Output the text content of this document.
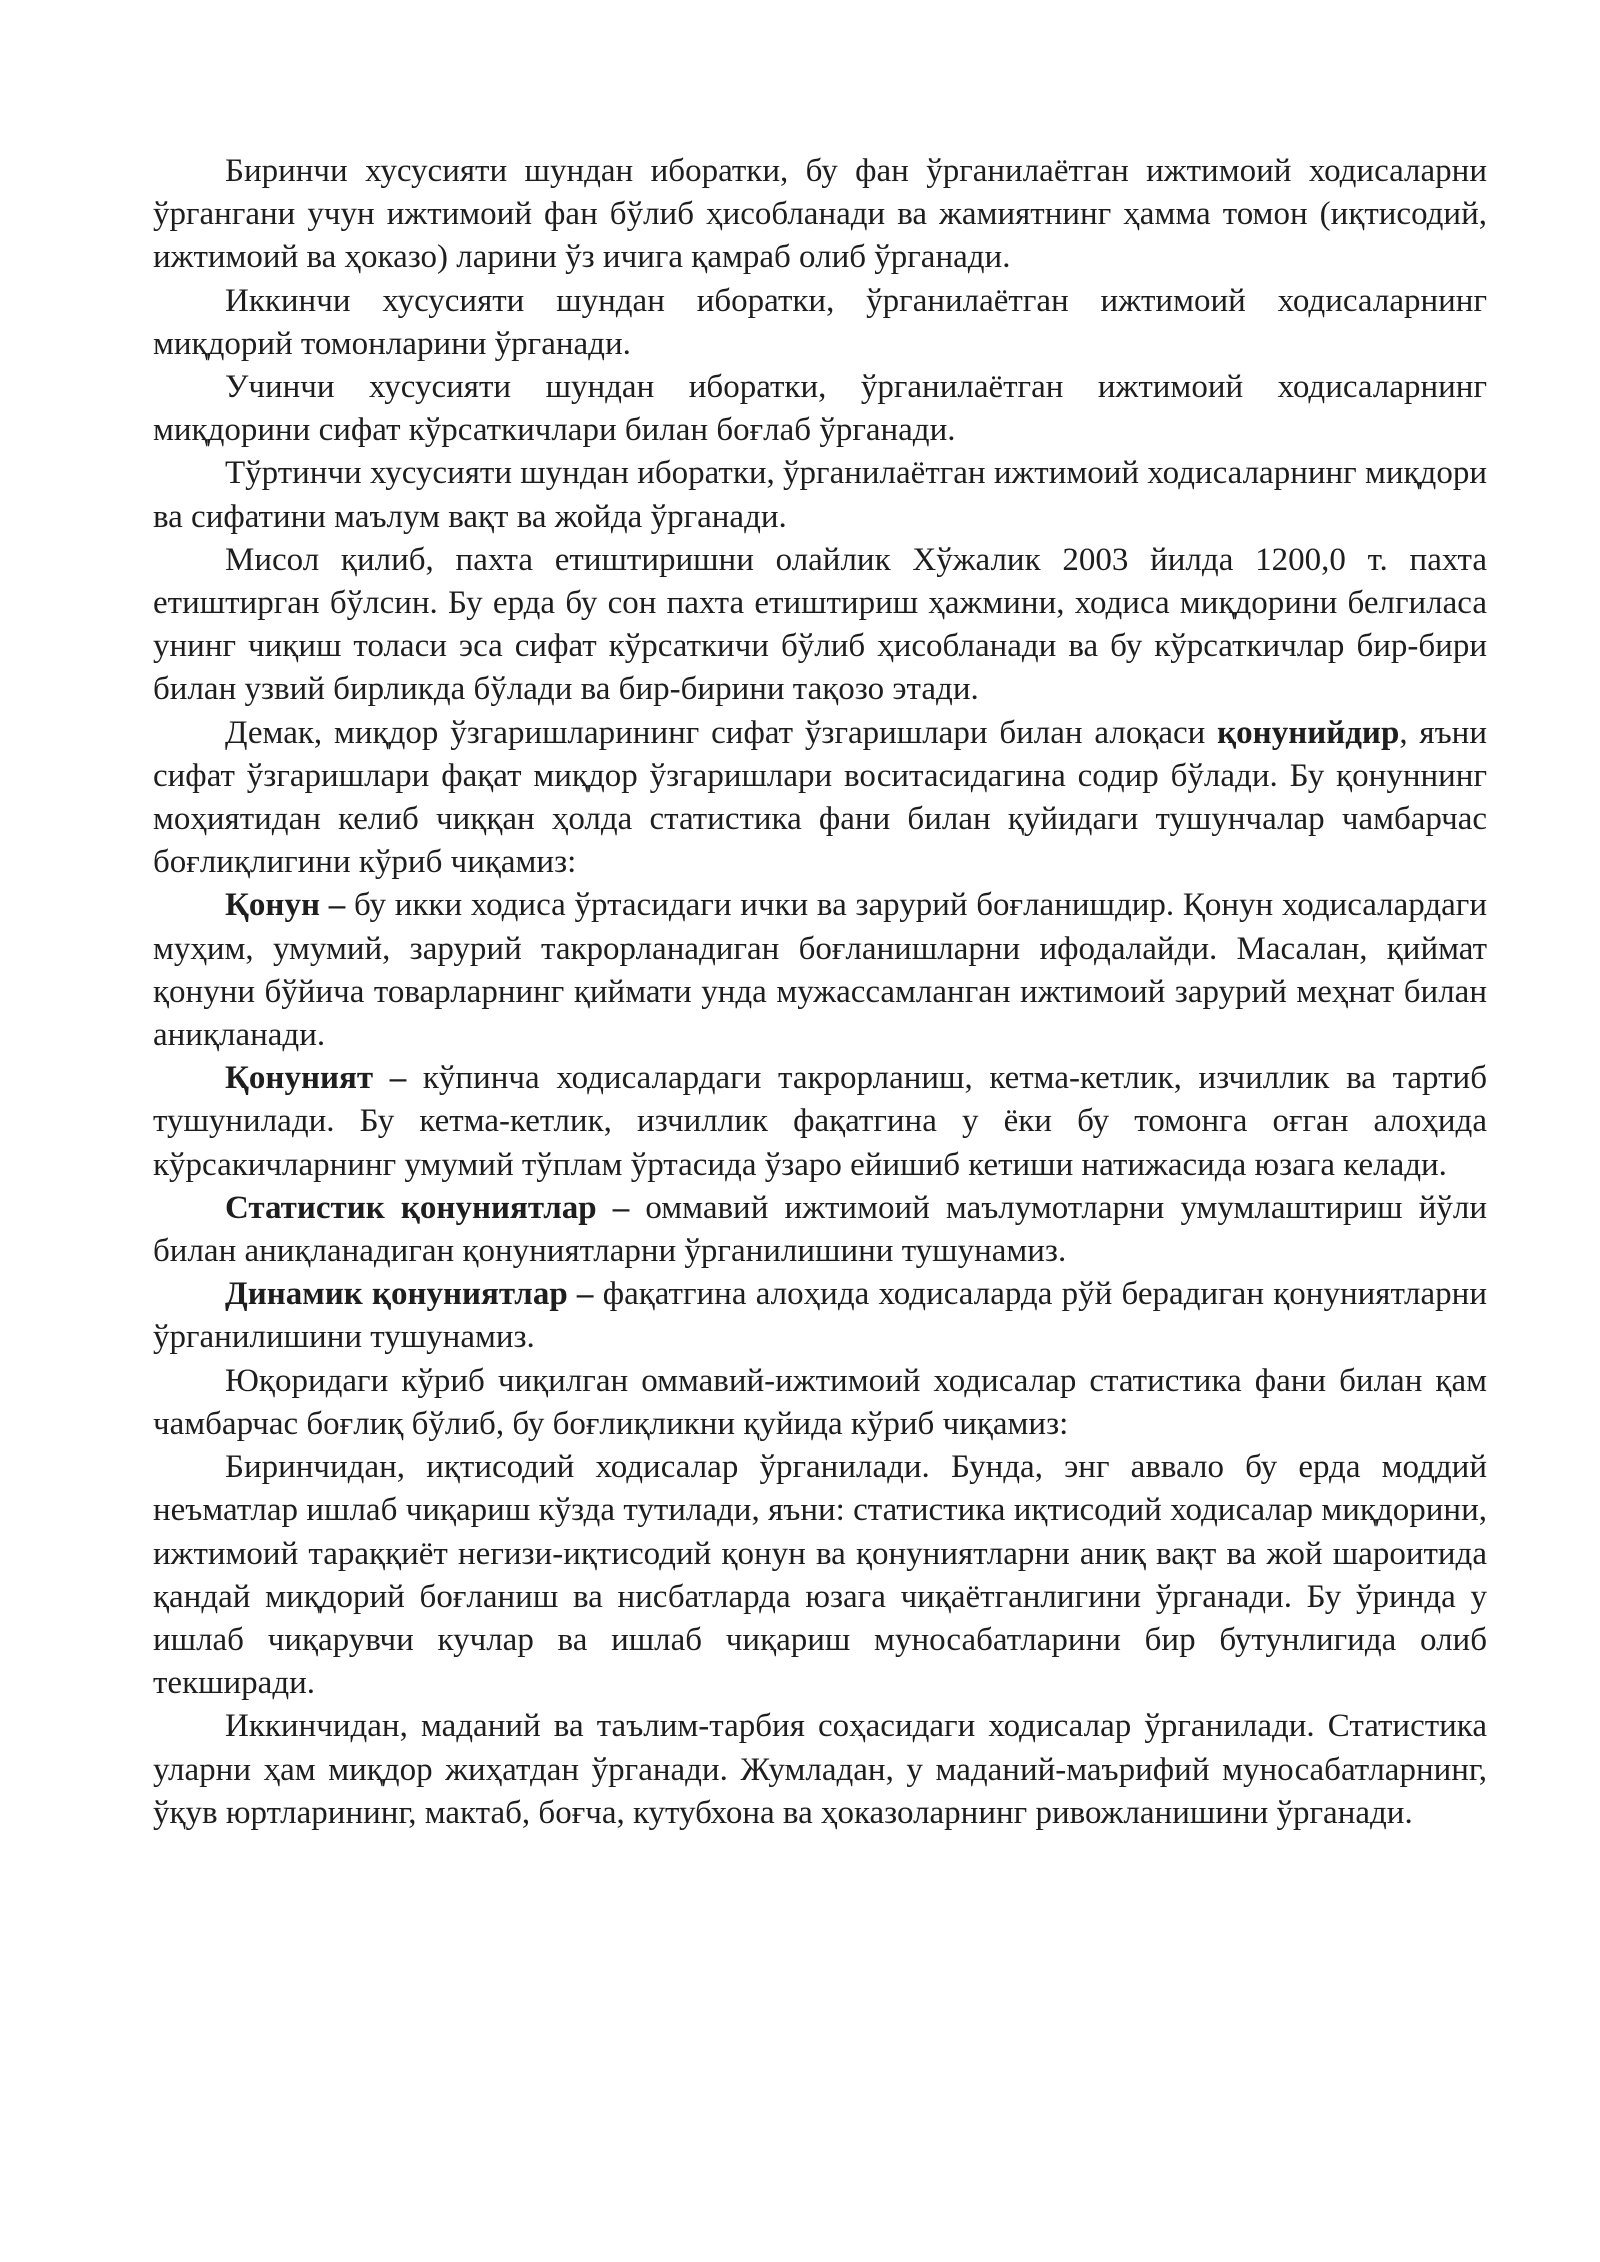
Биринчи хусусияти шундан иборатки, бу фан ўрганилаётган ижтимоий ходисаларни ўргангани учун ижтимоий фан бўлиб ҳисобланади ва жамиятнинг ҳамма томон (иқтисодий, ижтимоий ва ҳоказо) ларини ўз ичига қамраб олиб ўрганади.

Иккинчи хусусияти шундан иборатки, ўрганилаётган ижтимоий ходисаларнинг миқдорий томонларини ўрганади.

Учинчи хусусияти шундан иборатки, ўрганилаётган ижтимоий ходисаларнинг миқдорини сифат кўрсаткичлари билан боғлаб ўрганади.

Тўртинчи хусусияти шундан иборатки, ўрганилаётган ижтимоий ходисаларнинг миқдори ва сифатини маълум вақт ва жойда ўрганади.

Мисол қилиб, пахта етиштиришни олайлик Хўжалик 2003 йилда 1200,0 т. пахта етиштирган бўлсин. Бу ерда бу сон пахта етиштириш ҳажмини, ходиса миқдорини белгиласа унинг чиқиш толаси эса сифат кўрсаткичи бўлиб ҳисобланади ва бу кўрсаткичлар бир-бири билан узвий бирликда бўлади ва бир-бирини тақозо этади.

Демак, миқдор ўзгаришларининг сифат ўзгаришлари билан алоқаси қонунийдир, яъни сифат ўзгаришлари фақат миқдор ўзгаришлари воситасидагина содир бўлади. Бу қонуннинг моҳиятидан келиб чиққан ҳолда статистика фани билан қуйидаги тушунчалар чамбарчас боғлиқлигини кўриб чиқамиз:

Қонун – бу икки ходиса ўртасидаги ички ва зарурий боғланишдир. Қонун ходисалардаги муҳим, умумий, зарурий такрорланадиган боғланишларни ифодалайди. Масалан, қиймат қонуни бўйича товарларнинг қиймати унда мужассамланган ижтимоий зарурий меҳнат билан аниқланади.

Қонуният – кўпинча ходисалардаги такрорланиш, кетма-кетлик, изчиллик ва тартиб тушунилади. Бу кетма-кетлик, изчиллик фақатгина у ёки бу томонга оғган алоҳида кўрсакичларнинг умумий тўплам ўртасида ўзаро ейишиб кетиши натижасида юзага келади.

Статистик қонуниятлар – оммавий ижтимоий маълумотларни умумлаштириш йўли билан аниқланадиган қонуниятларни ўрганилишини тушунамиз.

Динамик қонуниятлар – фақатгина алоҳида ходисаларда рўй берадиган қонуниятларни ўрганилишини тушунамиз.

Юқоридаги кўриб чиқилган оммавий-ижтимоий ходисалар статистика фани билан қам чамбарчас боғлиқ бўлиб, бу боғлиқликни қуйида кўриб чиқамиз:

Биринчидан, иқтисодий ходисалар ўрганилади. Бунда, энг аввало бу ерда моддий неъматлар ишлаб чиқариш кўзда тутилади, яъни: статистика иқтисодий ходисалар миқдорини, ижтимоий тараққиёт негизи-иқтисодий қонун ва қонуниятларни аниқ вақт ва жой шароитида қандай миқдорий боғланиш ва нисбатларда юзага чиқаётганлигини ўрганади. Бу ўринда у ишлаб чиқарувчи кучлар ва ишлаб чиқариш муносабатларини бир бутунлигида олиб текширади.

Иккинчидан, маданий ва таълим-тарбия соҳасидаги ходисалар ўрганилади. Статистика уларни ҳам миқдор жиҳатдан ўрганади. Жумладан, у маданий-маърифий муносабатларнинг, ўқув юртларининг, мактаб, боғча, кутубхона ва ҳоказоларнинг ривожланишини ўрганади.
